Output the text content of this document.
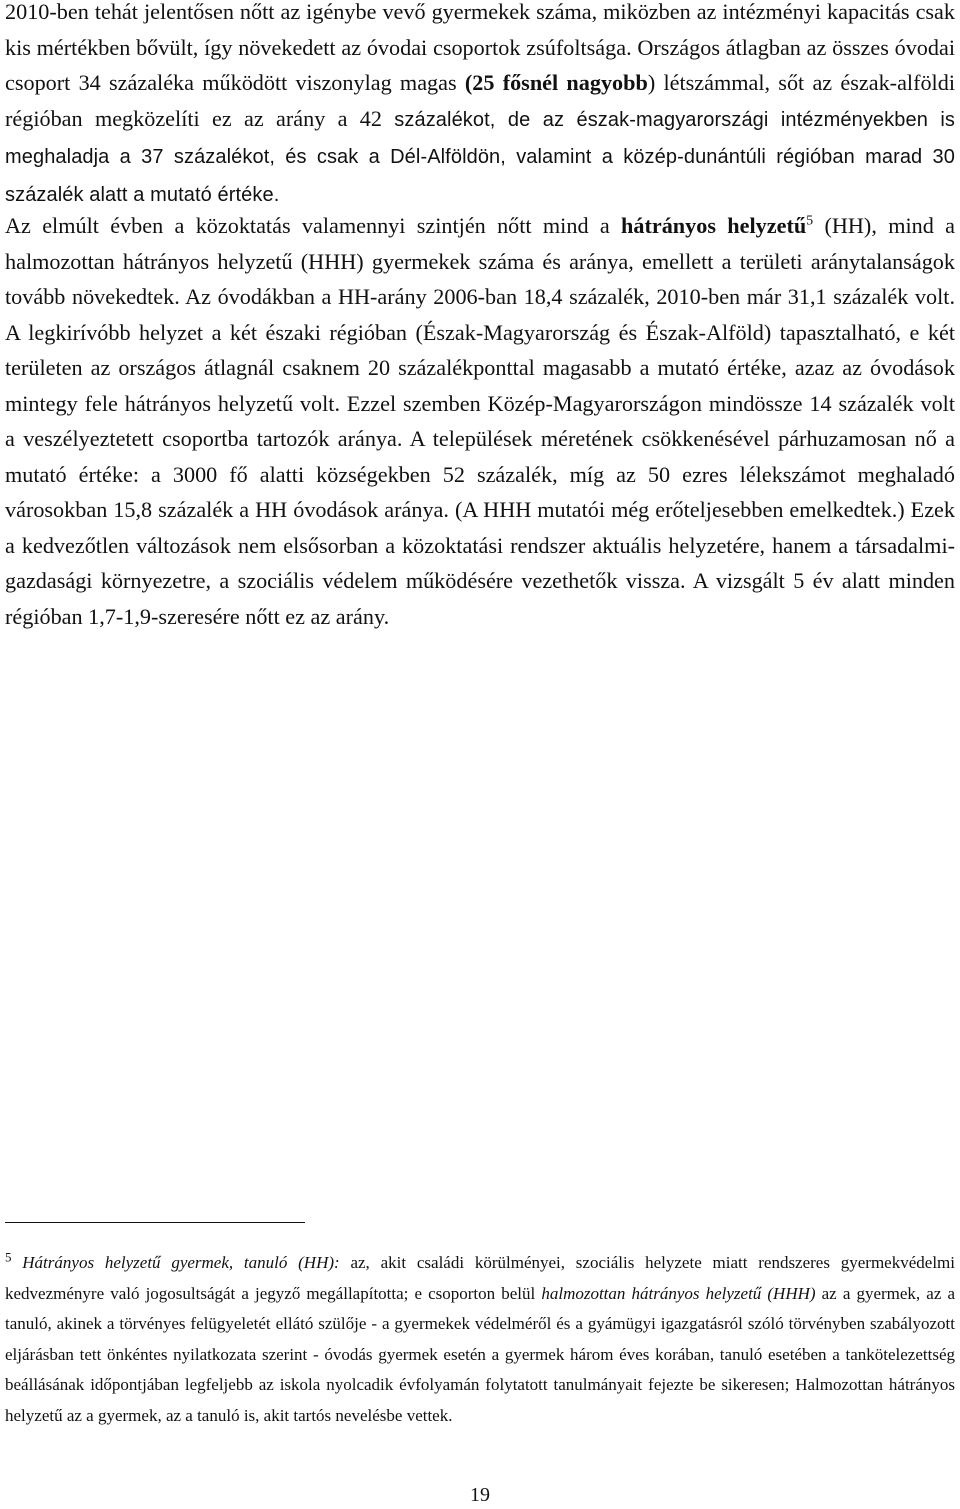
2010-ben tehát jelentősen nőtt az igénybe vevő gyermekek száma, miközben az intézményi kapacitás csak kis mértékben bővült, így növekedett az óvodai csoportok zsúfoltsága. Országos átlagban az összes óvodai csoport 34 százaléka működött viszonylag magas (25 fősnél nagyobb) létszámmal, sőt az észak-alföldi régióban megközelíti ez az arány a 42 százalékot, de az észak-magyarországi intézményekben is meghaladja a 37 százalékot, és csak a Dél-Alföldön, valamint a közép-dunántúli régióban marad 30 százalék alatt a mutató értéke.

Az elmúlt évben a közoktatás valamennyi szintjén nőtt mind a hátrányos helyzetű$^5$ (HH), mind a halmozottan hátrányos helyzetű (HHH) gyermekek száma és aránya, emellett a területi aránytalanságok tovább növekedtek. Az óvodákban a HH-arány 2006-ban 18,4 százalék, 2010-ben már 31,1 százalék volt. A legkirívóbb helyzet a két északi régióban (Észak-Magyarország és Észak-Alföld) tapasztalható, e két területen az országos átlagnál csaknem 20 százalékponttal magasabb a mutató értéke, azaz az óvodások mintegy fele hátrányos helyzetű volt. Ezzel szemben Közép-Magyarországon mindössze 14 százalék volt a veszélyeztetett csoportba tartozók aránya. A települések méretének csökkenésével párhuzamosan nő a mutató értéke: a 3000 fő alatti községekben 52 százalék, míg az 50 ezres lélekszámot meghaladó városokban 15,8 százalék a HH óvodások aránya. (A HHH mutatói még erőteljesebben emelkedtek.) Ezek a kedvezőtlen változások nem elsősorban a közoktatási rendszer aktuális helyzetére, hanem a társadalmi-gazdasági környezetre, a szociális védelem működésére vezethetők vissza. A vizsgált 5 év alatt minden régióban 1,7-1,9-szeresére nőtt ez az arány.

$^5$ Hátrányos helyzetű gyermek, tanuló (HH): az, akit családi körülményei, szociális helyzete miatt rendszeres gyermekvédelmi kedvezményre való jogosultságát a jegyző megállapította; e csoporton belül halmozottan hátrányos helyzetű (HHH) az a gyermek, az a tanuló, akinek a törvényes felügyeletét ellátó szülője - a gyermekek védelméről és a gyámügyi igazgatásról szóló törvényben szabályozott eljárásban tett önkéntes nyilatkozata szerint - óvodás gyermek esetén a gyermek három éves korában, tanuló esetében a tankötelezettség beállásának időpontjában legfeljebb az iskola nyolcadik évfolyamán folytatott tanulmányait fejezte be sikeresen; Halmozottan hátrányos helyzetű az a gyermek, az a tanuló is, akit tartós nevelésbe vettek.

19
